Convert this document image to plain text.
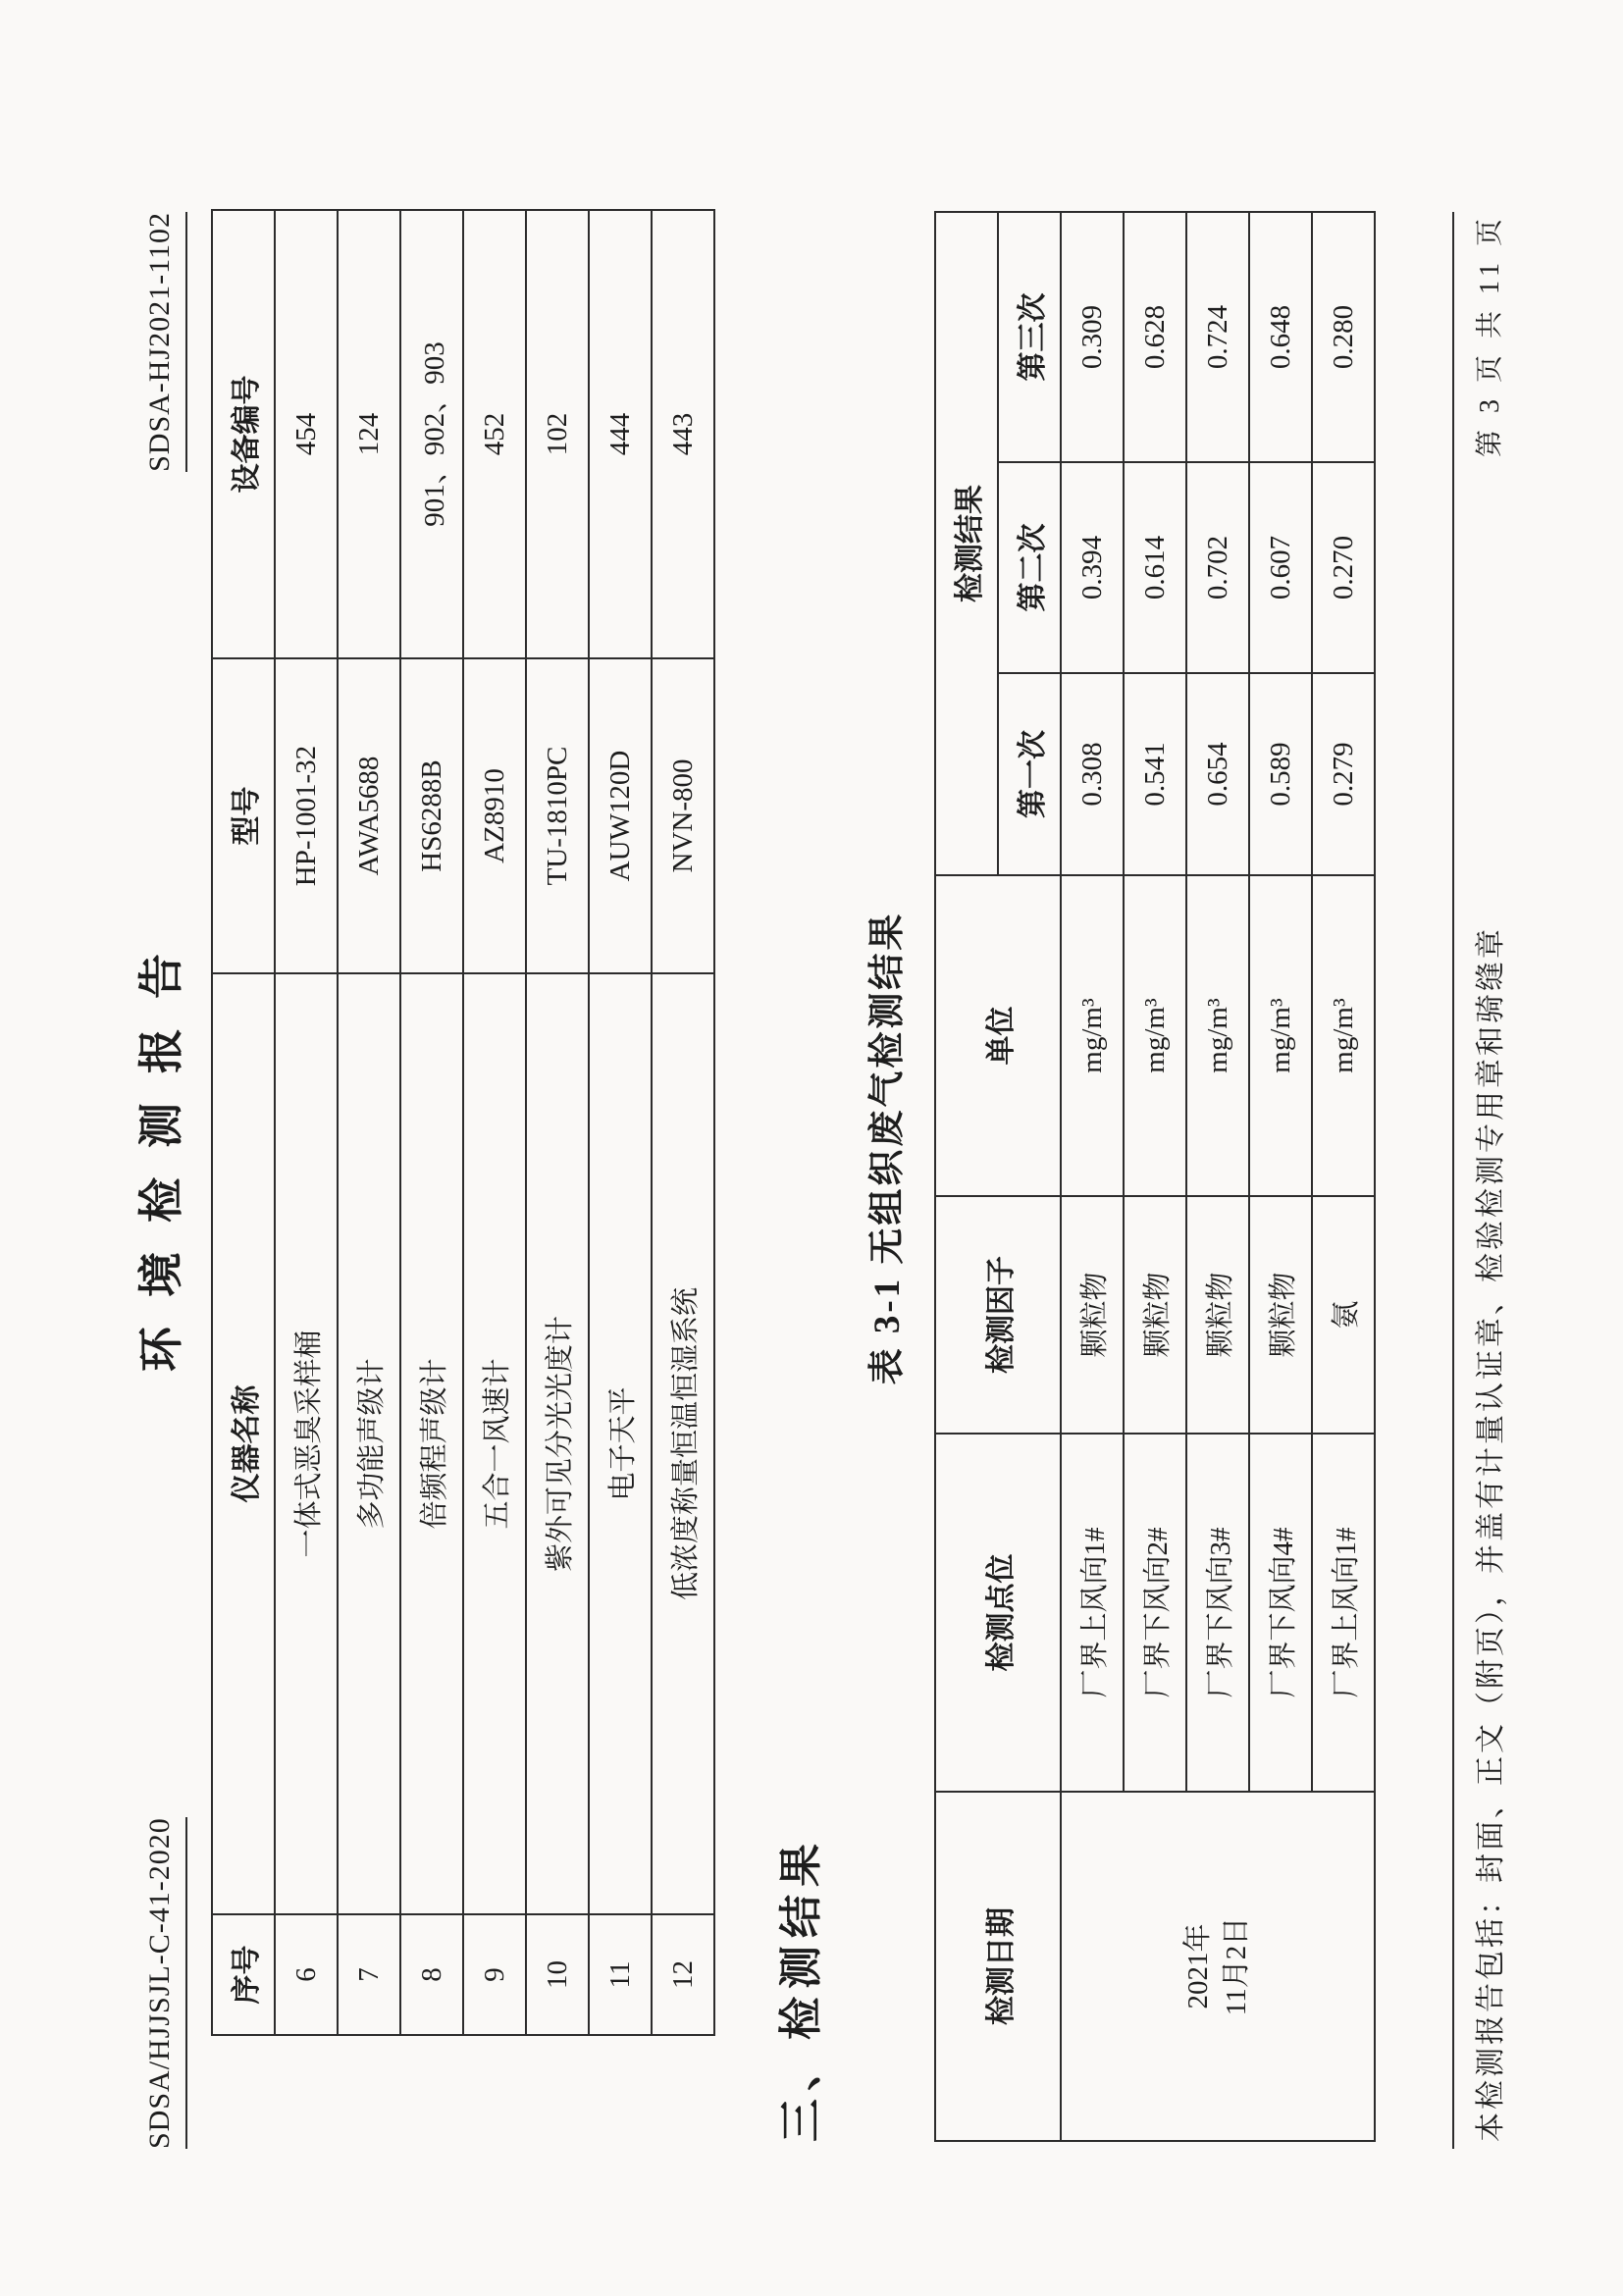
SDSA/HJJSJL-C-41-2020
环境检测报告
SDSA-HJ2021-1102
序号	仪器名称	型号	设备编号
6	一体式恶臭采样桶	HP-1001-32	454
7	多功能声级计	AWA5688	124
8	倍频程声级计	HS6288B	901、902、903
9	五合一风速计	AZ8910	452
10	紫外可见分光光度计	TU-1810PC	102
11	电子天平	AUW120D	444
12	低浓度称量恒温恒湿系统	NVN-800	443
三、检测结果
表 3-1 无组织废气检测结果
检测日期	检测点位	检测因子	单位	检测结果		
				第一次	第二次	第三次

2021年 11月2日	厂界上风向1#	颗粒物	mg/m³	0.308	0.394	0.309
	厂界下风向2#	颗粒物	mg/m³	0.541	0.614	0.628
	厂界下风向3#	颗粒物	mg/m³	0.654	0.702	0.724
	厂界下风向4#	颗粒物	mg/m³	0.589	0.607	0.648
	厂界上风向1#	氨	mg/m³	0.279	0.270	0.280
本检测报告包括：封面、正文（附页），并盖有计量认证章、检验检测专用章和骑缝章
第 3 页 共 11 页
